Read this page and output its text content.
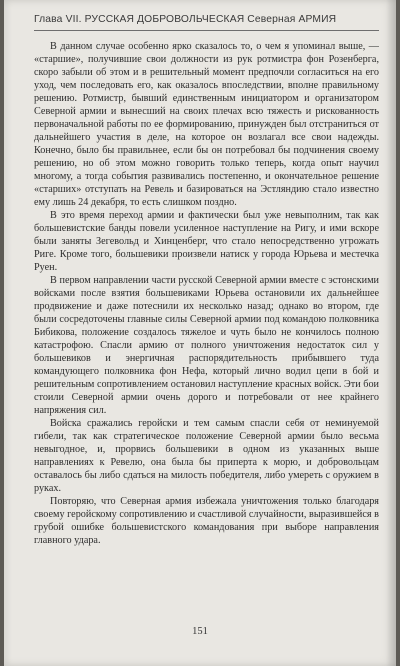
Глава VII. РУССКАЯ ДОБРОВОЛЬЧЕСКАЯ Северная АРМИЯ

В данном случае особенно ярко сказалось то, о чем я упоминал выше, — «старшие», получившие свои должности из рук ротмистра фон Розенберга, скоро забыли об этом и в решительный момент предпочли согласиться на его уход, чем последовать его, как оказалось впоследствии, вполне правильному решению. Ротмистр, бывший единственным инициатором и организатором Северной армии и вынесший на своих плечах всю тяжесть и рискованность первоначальной работы по ее формированию, принужден был отстраниться от дальнейшего участия в деле, на которое он возлагал все свои надежды. Конечно, было бы правильнее, если бы он потребовал бы подчинения своему решению, но об этом можно говорить только теперь, когда опыт научил многому, а тогда события развивались постепенно, и окончательное решение «старших» отступать на Ревель и базироваться на Эстляндию стало известно ему лишь 24 декабря, то есть слишком поздно.

В это время переход армии и фактически был уже невыполним, так как большевистские банды повели усиленное наступление на Ригу, и ими вскоре были заняты Зегевольд и Хинценберг, что стало непосредственно угрожать Риге. Кроме того, большевики произвели натиск у города Юрьева и местечка Руен.

В первом направлении части русской Северной армии вместе с эстонскими войсками после взятия большевиками Юрьева остановили их дальнейшее продвижение и даже потеснили их несколько назад; однако во втором, где были сосредоточены главные силы Северной армии под командою полковника Бибикова, положение создалось тяжелое и чуть было не кончилось полною катастрофою. Спасли армию от полного уничтожения недостаток сил у большевиков и энергичная распорядительность прибывшего туда командующего полковника фон Нефа, который лично водил цепи в бой и решительным сопротивлением остановил наступление красных войск. Эти бои стоили Северной армии очень дорого и потребовали от нее крайнего напряжения сил.

Войска сражались геройски и тем самым спасли себя от неминуемой гибели, так как стратегическое положение Северной армии было весьма невыгодное, и, прорвись большевики в одном из указанных выше направлениях к Ревелю, она была бы приперта к морю, и добровольцам оставалось бы либо сдаться на милость победителя, либо умереть с оружием в руках.

Повторяю, что Северная армия избежала уничтожения только благодаря своему геройскому сопротивлению и счастливой случайности, выразившейся в грубой ошибке большевистского командования при выборе направления главного удара.

151
